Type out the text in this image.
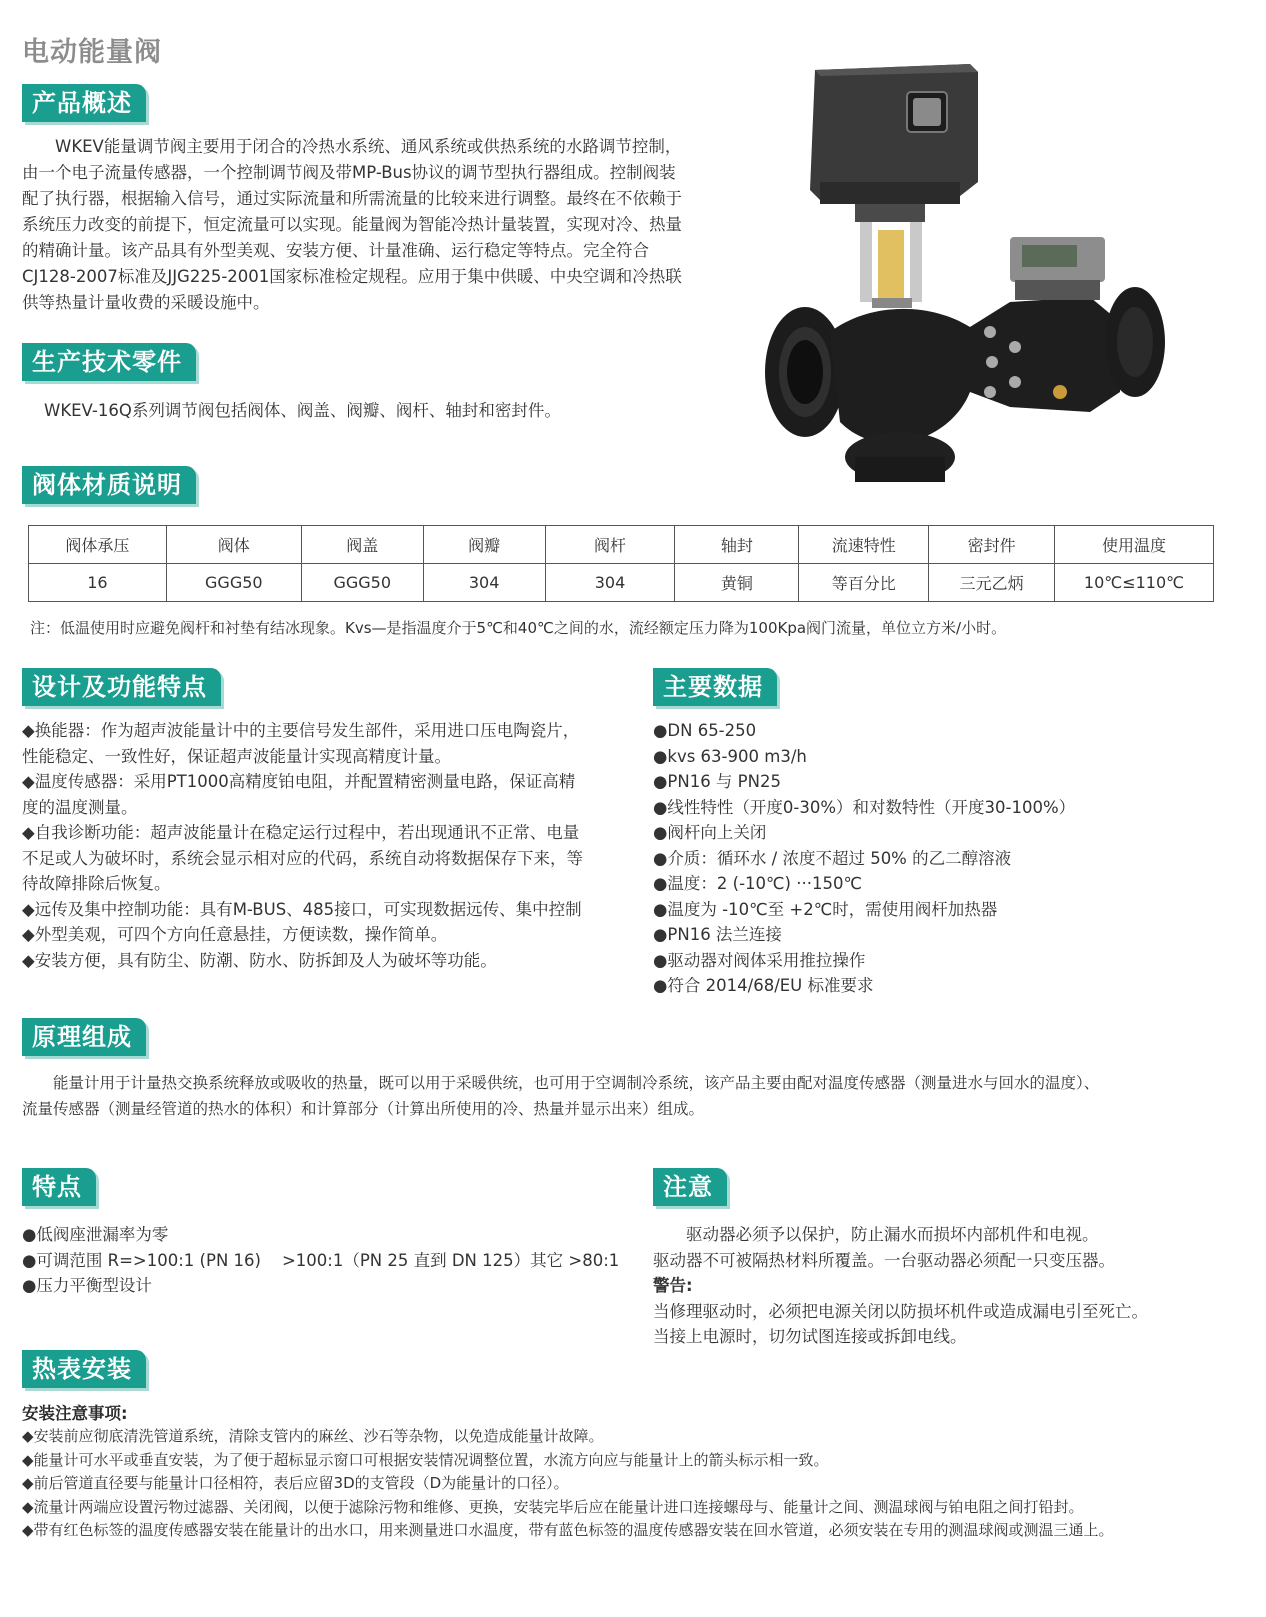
电动能量阀
产品概述
WKEV能量调节阀主要用于闭合的冷热水系统、通风系统或供热系统的水路调节控制，
由一个电子流量传感器，一个控制调节阀及带MP-Bus协议的调节型执行器组成。控制阀装
配了执行器，根据输入信号，通过实际流量和所需流量的比较来进行调整。最终在不依赖于
系统压力改变的前提下，恒定流量可以实现。能量阀为智能冷热计量装置，实现对冷、热量
的精确计量。该产品具有外型美观、安装方便、计量准确、运行稳定等特点。完全符合
CJ128-2007标准及JJG225-2001国家标准检定规程。应用于集中供暖、中央空调和冷热联
供等热量计量收费的采暖设施中。
生产技术零件
WKEV-16Q系列调节阀包括阀体、阀盖、阀瓣、阀杆、轴封和密封件。
阀体材质说明
阀体承压	阀体	阀盖	阀瓣	阀杆	轴封	流速特性	密封件	使用温度
16	GGG50	GGG50	304	304	黄铜	等百分比	三元乙炳	10℃≤110℃
注：低温使用时应避免阀杆和衬垫有结冰现象。Kvs—是指温度介于5℃和40℃之间的水，流经额定压力降为100Kpa阀门流量，单位立方米/小时。
设计及功能特点
◆换能器：作为超声波能量计中的主要信号发生部件，采用进口压电陶瓷片，
性能稳定、一致性好，保证超声波能量计实现高精度计量。
◆温度传感器：采用PT1000高精度铂电阻，并配置精密测量电路，保证高精
度的温度测量。
◆自我诊断功能：超声波能量计在稳定运行过程中，若出现通讯不正常、电量
不足或人为破坏时，系统会显示相对应的代码，系统自动将数据保存下来，等
待故障排除后恢复。
◆远传及集中控制功能：具有M-BUS、485接口，可实现数据远传、集中控制
◆外型美观，可四个方向任意悬挂，方便读数，操作简单。
◆安装方便，具有防尘、防潮、防水、防拆卸及人为破坏等功能。
主要数据
●DN 65-250
●kvs 63-900 m3/h
●PN16 与 PN25
●线性特性（开度0-30%）和对数特性（开度30-100%）
●阀杆向上关闭
●介质：循环水 / 浓度不超过 50% 的乙二醇溶液
●温度：2 (-10℃) ···150℃
●温度为 -10℃至 +2℃时，需使用阀杆加热器
●PN16 法兰连接
●驱动器对阀体采用推拉操作
●符合 2014/68/EU 标准要求
原理组成
能量计用于计量热交换系统释放或吸收的热量，既可以用于采暖供统，也可用于空调制冷系统，该产品主要由配对温度传感器（测量进水与回水的温度）、
流量传感器（测量经管道的热水的体积）和计算部分（计算出所使用的冷、热量并显示出来）组成。
特点
●低阀座泄漏率为零
●可调范围 R=>100:1 (PN 16)    >100:1（PN 25 直到 DN 125）其它 >80:1
●压力平衡型设计
注意
驱动器必须予以保护，防止漏水而损坏内部机件和电视。
驱动器不可被隔热材料所覆盖。一台驱动器必须配一只变压器。
警告:
当修理驱动时，必须把电源关闭以防损坏机件或造成漏电引至死亡。
当接上电源时，切勿试图连接或拆卸电线。
热表安装
安装注意事项:
◆安装前应彻底清洗管道系统，清除支管内的麻丝、沙石等杂物，以免造成能量计故障。
◆能量计可水平或垂直安装，为了便于超标显示窗口可根据安装情况调整位置，水流方向应与能量计上的箭头标示相一致。
◆前后管道直径要与能量计口径相符，表后应留3D的支管段（D为能量计的口径）。
◆流量计两端应设置污物过滤器、关闭阀，以便于滤除污物和维修、更换，安装完毕后应在能量计进口连接螺母与、能量计之间、测温球阀与铂电阻之间打铅封。
◆带有红色标签的温度传感器安装在能量计的出水口，用来测量进口水温度，带有蓝色标签的温度传感器安装在回水管道，必须安装在专用的测温球阀或测温三通上。
